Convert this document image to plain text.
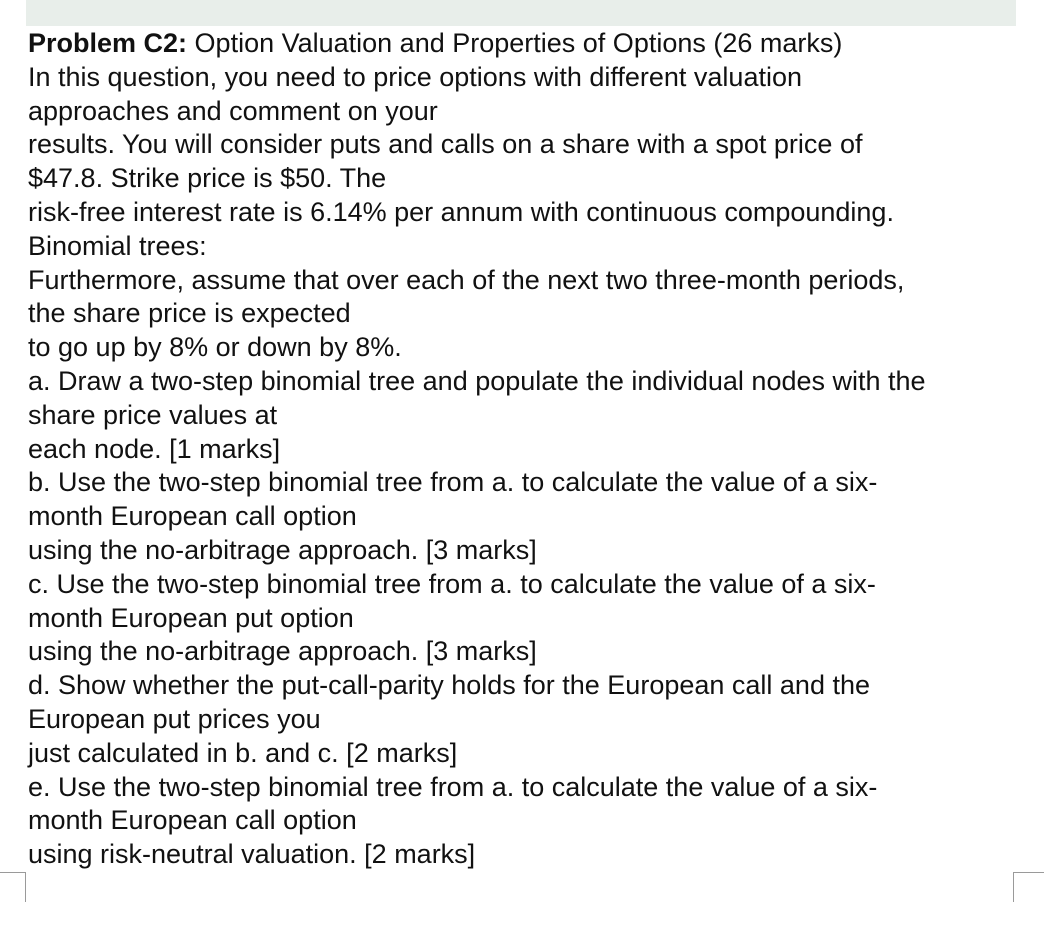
Problem C2: Option Valuation and Properties of Options (26 marks)
In this question, you need to price options with different valuation
approaches and comment on your
results. You will consider puts and calls on a share with a spot price of
$47.8. Strike price is $50. The
risk-free interest rate is 6.14% per annum with continuous compounding.
Binomial trees:
Furthermore, assume that over each of the next two three-month periods,
the share price is expected
to go up by 8% or down by 8%.
a. Draw a two-step binomial tree and populate the individual nodes with the
share price values at
each node. [1 marks]
b. Use the two-step binomial tree from a. to calculate the value of a six-
month European call option
using the no-arbitrage approach. [3 marks]
c. Use the two-step binomial tree from a. to calculate the value of a six-
month European put option
using the no-arbitrage approach. [3 marks]
d. Show whether the put-call-parity holds for the European call and the
European put prices you
just calculated in b. and c. [2 marks]
e. Use the two-step binomial tree from a. to calculate the value of a six-
month European call option
using risk-neutral valuation. [2 marks]
